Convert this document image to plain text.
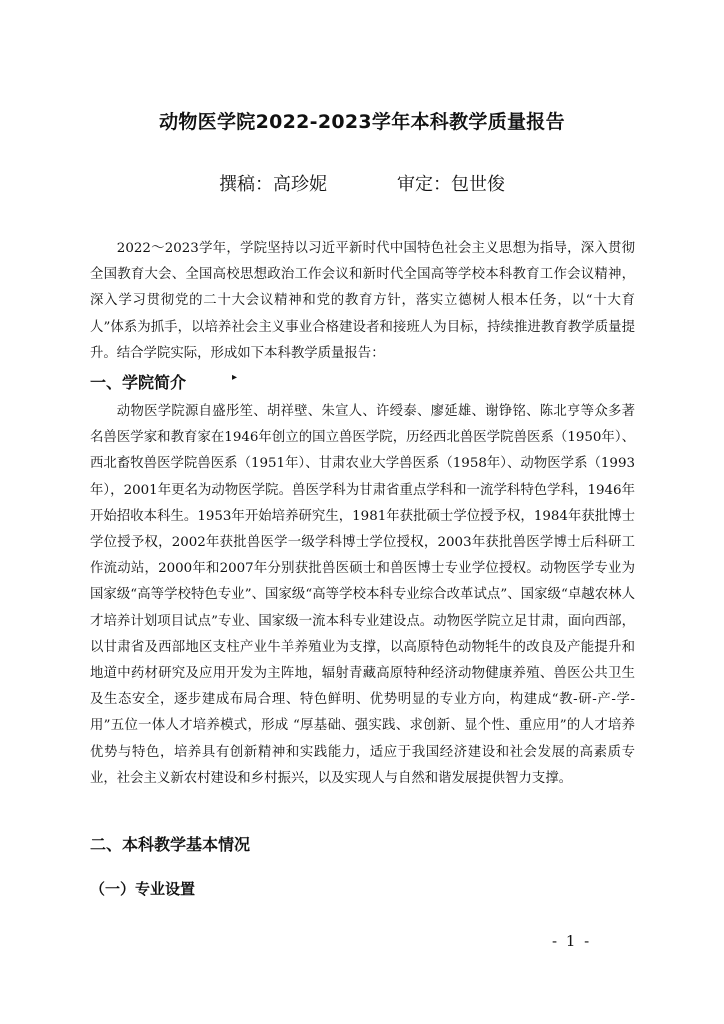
动物医学院2022-2023学年本科教学质量报告
撰稿：高珍妮	审定：包世俊

2022～2023学年，学院坚持以习近平新时代中国特色社会主义思想为指导，深入贯彻全国教育大会、全国高校思想政治工作会议和新时代全国高等学校本科教育工作会议精神，深入学习贯彻党的二十大会议精神和党的教育方针，落实立德树人根本任务，以“十大育人”体系为抓手，以培养社会主义事业合格建设者和接班人为目标，持续推进教育教学质量提升。结合学院实际，形成如下本科教学质量报告：

一、学院简介	▸

动物医学院源自盛彤笙、胡祥壁、朱宣人、许绶泰、廖延雄、谢铮铭、陈北亨等众多著名兽医学家和教育家在1946年创立的国立兽医学院，历经西北兽医学院兽医系（1950年）、西北畜牧兽医学院兽医系（1951年）、甘肃农业大学兽医系（1958年）、动物医学系（1993年），2001年更名为动物医学院。兽医学科为甘肃省重点学科和一流学科特色学科，1946年开始招收本科生。1953年开始培养研究生，1981年获批硕士学位授予权，1984年获批博士学位授予权，2002年获批兽医学一级学科博士学位授权，2003年获批兽医学博士后科研工作流动站，2000年和2007年分别获批兽医硕士和兽医博士专业学位授权。动物医学专业为国家级“高等学校特色专业”、国家级“高等学校本科专业综合改革试点”、国家级“卓越农林人才培养计划项目试点”专业、国家级一流本科专业建设点。动物医学院立足甘肃，面向西部，以甘肃省及西部地区支柱产业牛羊养殖业为支撑，以高原特色动物牦牛的改良及产能提升和地道中药材研究及应用开发为主阵地，辐射青藏高原特种经济动物健康养殖、兽医公共卫生及生态安全，逐步建成布局合理、特色鲜明、优势明显的专业方向，构建成“教-研-产-学-用”五位一体人才培养模式，形成 “厚基础、强实践、求创新、显个性、重应用”的人才培养优势与特色，培养具有创新精神和实践能力，适应于我国经济建设和社会发展的高素质专业，社会主义新农村建设和乡村振兴，以及实现人与自然和谐发展提供智力支撑。

二、本科教学基本情况
（一）专业设置
- 1 -
